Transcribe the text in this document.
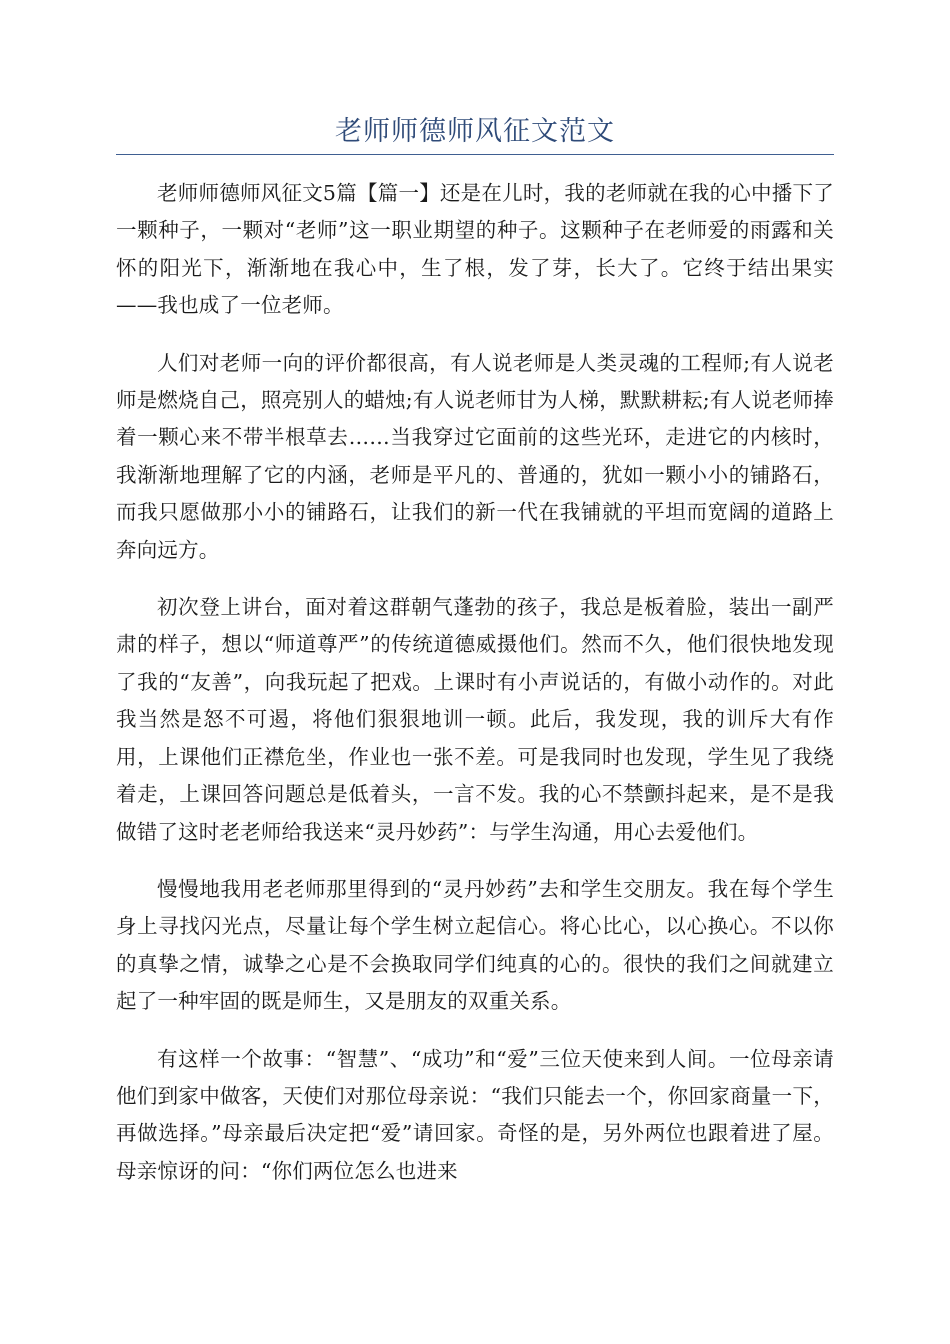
老师师德师风征文范文

老师师德师风征文5篇【篇一】还是在儿时，我的老师就在我的心中播下了一颗种子，一颗对“老师”这一职业期望的种子。这颗种子在老师爱的雨露和关怀的阳光下，渐渐地在我心中，生了根，发了芽，长大了。它终于结出果实——我也成了一位老师。

人们对老师一向的评价都很高，有人说老师是人类灵魂的工程师;有人说老师是燃烧自己，照亮别人的蜡烛;有人说老师甘为人梯，默默耕耘;有人说老师捧着一颗心来不带半根草去……当我穿过它面前的这些光环，走进它的内核时，我渐渐地理解了它的内涵，老师是平凡的、普通的，犹如一颗小小的铺路石，而我只愿做那小小的铺路石，让我们的新一代在我铺就的平坦而宽阔的道路上奔向远方。

初次登上讲台，面对着这群朝气蓬勃的孩子，我总是板着脸，装出一副严肃的样子，想以“师道尊严”的传统道德威摄他们。然而不久，他们很快地发现了我的“友善”，向我玩起了把戏。上课时有小声说话的，有做小动作的。对此我当然是怒不可遏，将他们狠狠地训一顿。此后，我发现，我的训斥大有作用，上课他们正襟危坐，作业也一张不差。可是我同时也发现，学生见了我绕着走，上课回答问题总是低着头，一言不发。我的心不禁颤抖起来，是不是我做错了这时老老师给我送来“灵丹妙药”：与学生沟通，用心去爱他们。

慢慢地我用老老师那里得到的“灵丹妙药”去和学生交朋友。我在每个学生身上寻找闪光点，尽量让每个学生树立起信心。将心比心，以心换心。不以你的真挚之情，诚挚之心是不会换取同学们纯真的心的。很快的我们之间就建立起了一种牢固的既是师生，又是朋友的双重关系。

有这样一个故事：“智慧”、“成功”和“爱”三位天使来到人间。一位母亲请他们到家中做客，天使们对那位母亲说：“我们只能去一个，你回家商量一下，再做选择。”母亲最后决定把“爱”请回家。奇怪的是，另外两位也跟着进了屋。母亲惊讶的问：“你们两位怎么也进来
